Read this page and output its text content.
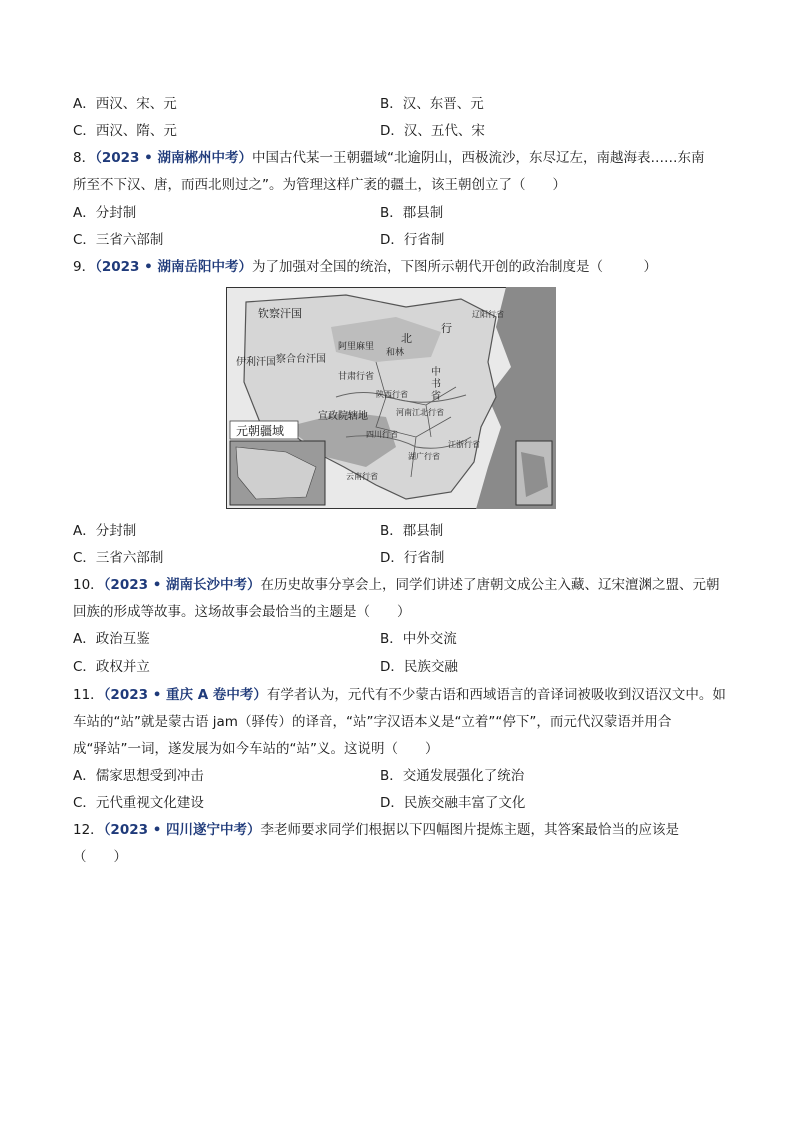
A．西汉、宋、元	B．汉、东晋、元
C．西汉、隋、元	D．汉、五代、宋
8．（2023 • 湖南郴州中考）中国古代某一王朝疆域“北逾阴山，西极流沙，东尽辽左，南越海表……东南
所至不下汉、唐，而西北则过之”。为管理这样广袤的疆土，该王朝创立了（　　）
A．分封制	B．郡县制
C．三省六部制	D．行省制
9．（2023 • 湖南岳阳中考）为了加强对全国的统治，下图所示朝代开创的政治制度是（　　　）
钦察汗国
伊利汗国 察合台汗国
阿里麻里
北
行
和林
甘肃行省
宣政院辖地
中
书
省
河南江北行省
湖广行省
江浙行省
辽阳行省
云南行省
四川行省
陕西行省
元朝疆域
A．分封制	B．郡县制
C．三省六部制	D．行省制
10．（2023 • 湖南长沙中考）在历史故事分享会上，同学们讲述了唐朝文成公主入藏、辽宋澶渊之盟、元朝
回族的形成等故事。这场故事会最恰当的主题是（　　）
A．政治互鉴	B．中外交流
C．政权并立	D．民族交融
11．（2023 • 重庆 A 卷中考）有学者认为，元代有不少蒙古语和西域语言的音译词被吸收到汉语汉文中。如
车站的“站”就是蒙古语 jam（驿传）的译音，“站”字汉语本义是“立着”“停下”，而元代汉蒙语并用合
成“驿站”一词，遂发展为如今车站的“站”义。这说明（　　）
A．儒家思想受到冲击	B．交通发展强化了统治
C．元代重视文化建设	D．民族交融丰富了文化
12．（2023 • 四川遂宁中考）李老师要求同学们根据以下四幅图片提炼主题，其答案最恰当的应该是
（　　）
